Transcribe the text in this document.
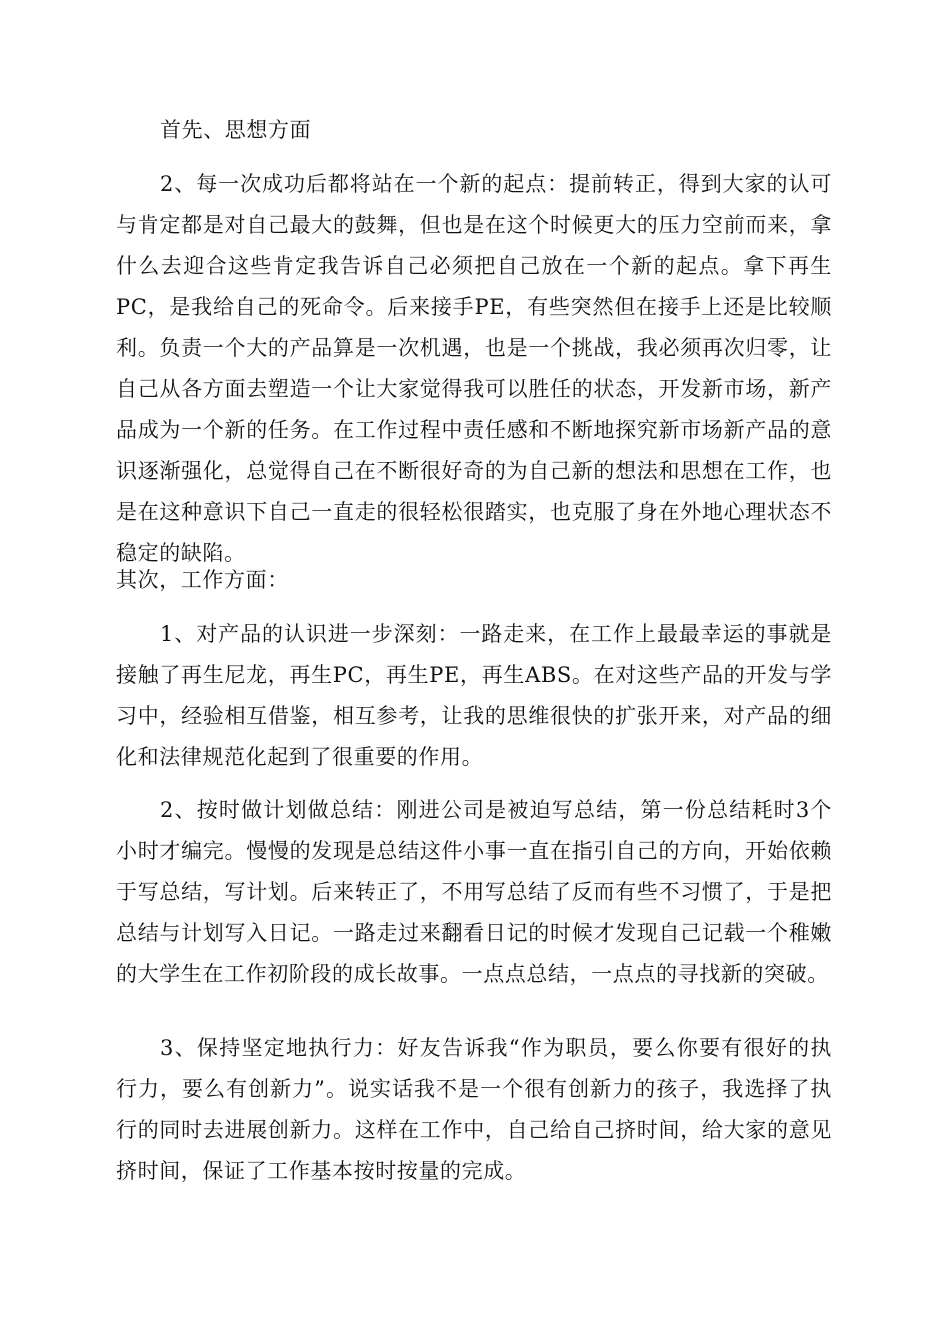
首先、思想方面

2、每一次成功后都将站在一个新的起点：提前转正，得到大家的认可与肯定都是对自己最大的鼓舞，但也是在这个时候更大的压力空前而来，拿什么去迎合这些肯定我告诉自己必须把自己放在一个新的起点。拿下再生PC，是我给自己的死命令。后来接手PE，有些突然但在接手上还是比较顺利。负责一个大的产品算是一次机遇，也是一个挑战，我必须再次归零，让自己从各方面去塑造一个让大家觉得我可以胜任的状态，开发新市场，新产品成为一个新的任务。在工作过程中责任感和不断地探究新市场新产品的意识逐渐强化，总觉得自己在不断很好奇的为自己新的想法和思想在工作，也是在这种意识下自己一直走的很轻松很踏实，也克服了身在外地心理状态不稳定的缺陷。

其次，工作方面：

1、对产品的认识进一步深刻：一路走来，在工作上最最幸运的事就是接触了再生尼龙，再生PC，再生PE，再生ABS。在对这些产品的开发与学习中，经验相互借鉴，相互参考，让我的思维很快的扩张开来，对产品的细化和法律规范化起到了很重要的作用。

2、按时做计划做总结：刚进公司是被迫写总结，第一份总结耗时3个小时才编完。慢慢的发现是总结这件小事一直在指引自己的方向，开始依赖于写总结，写计划。后来转正了，不用写总结了反而有些不习惯了，于是把总结与计划写入日记。一路走过来翻看日记的时候才发现自己记载一个稚嫩的大学生在工作初阶段的成长故事。一点点总结，一点点的寻找新的突破。

3、保持坚定地执行力：好友告诉我“作为职员，要么你要有很好的执行力，要么有创新力”。说实话我不是一个很有创新力的孩子，我选择了执行的同时去进展创新力。这样在工作中，自己给自己挤时间，给大家的意见挤时间，保证了工作基本按时按量的完成。
